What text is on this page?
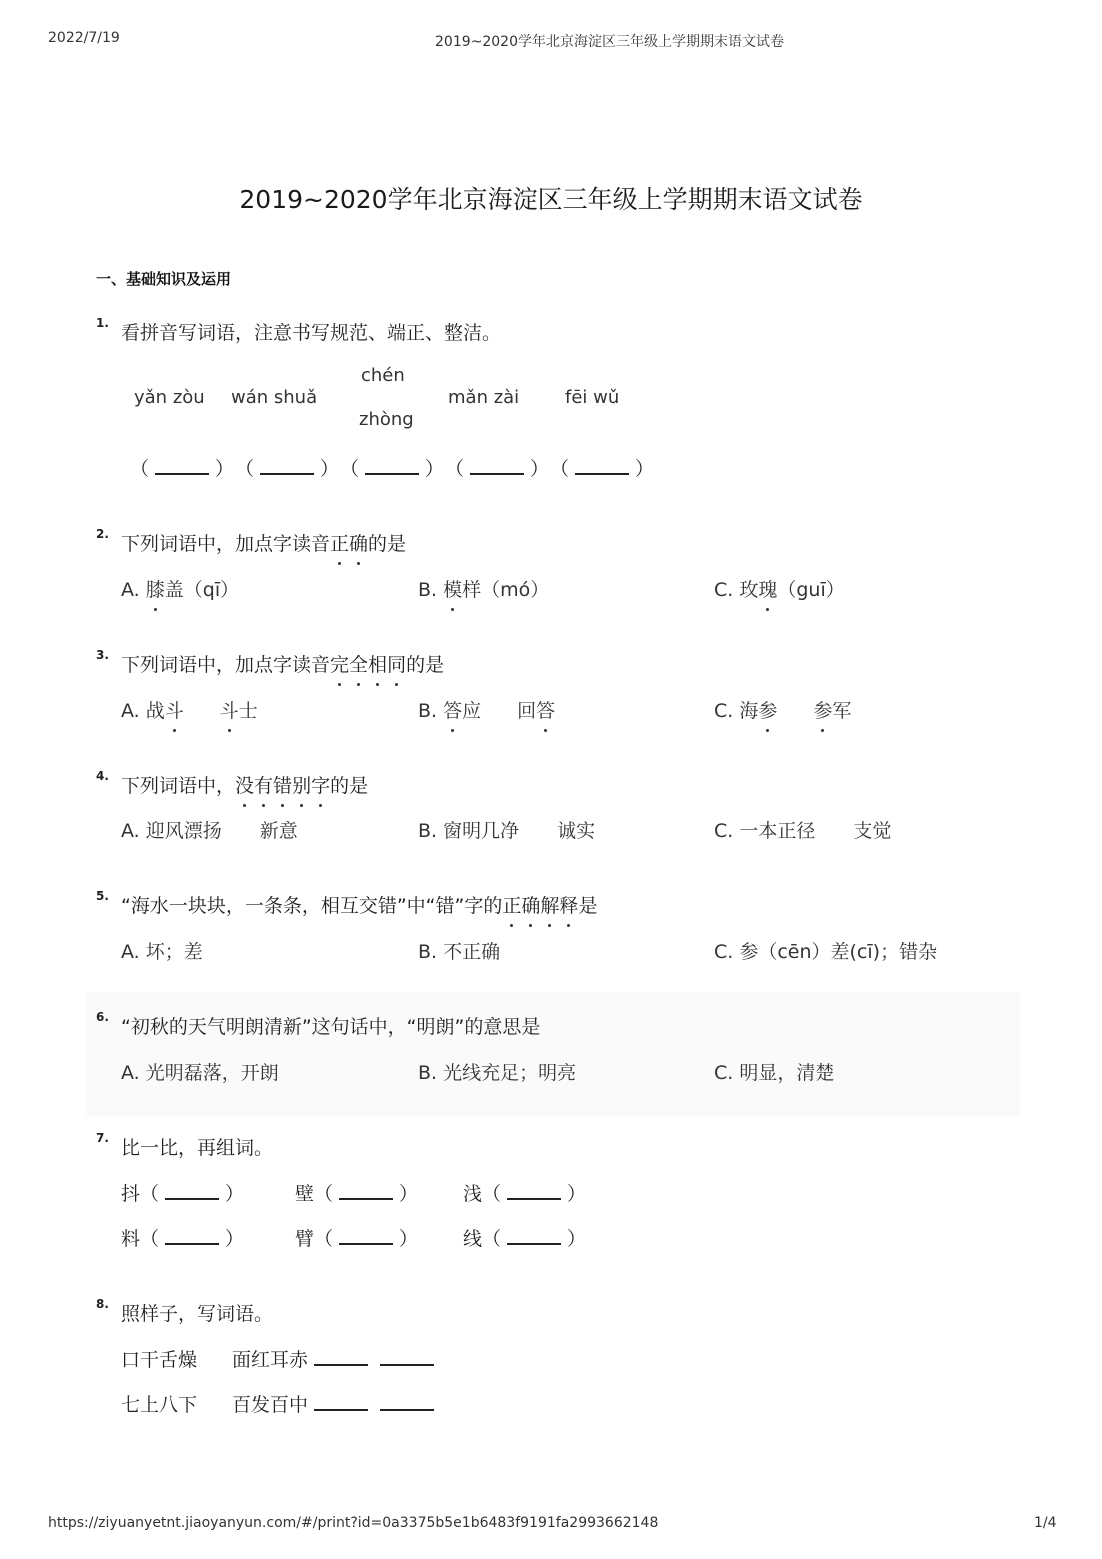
2022/7/19	2019~2020学年北京海淀区三年级上学期期末语文试卷
2019~2020学年北京海淀区三年级上学期期末语文试卷
一、基础知识及运用
1. 看拼音写词语，注意书写规范、端正、整洁。
yǎn zòu wán shuǎ
chén
zhòng
mǎn zài	fēi wǔ
（	） （	） （	） （	） （	）
2. 下列词语中，加点字读音正确的是
A. 膝盖（qī）	B. 模样（mó）	C. 玫瑰（guī）
3. 下列词语中，加点字读音完全相同的是
A. 战斗 斗士	B. 答应 回答	C. 海参 参军
4. 下列词语中，没有错别字的是
A. 迎风漂扬　　新意	B. 窗明几净　　诚实	C. 一本正径　　支觉
5. “海水一块块，一条条，相互交错”中“错”字的正确解释是
A. 坏；差	B. 不正确	C. 参（cēn）差(cī)；错杂
6. “初秋的天气明朗清新”这句话中，“明朗”的意思是
A. 光明磊落，开朗	B. 光线充足；明亮	C. 明显，清楚
7. 比一比，再组词。
抖（	）	壁（	） 浅（	）
料（	）	臂（	） 线（	）
8. 照样子，写词语。
口干舌燥 面红耳赤
七上八下 百发百中
https://ziyuanyetnt.jiaoyanyun.com/#/print?id=0a3375b5e1b6483f9191fa2993662148	1/4
